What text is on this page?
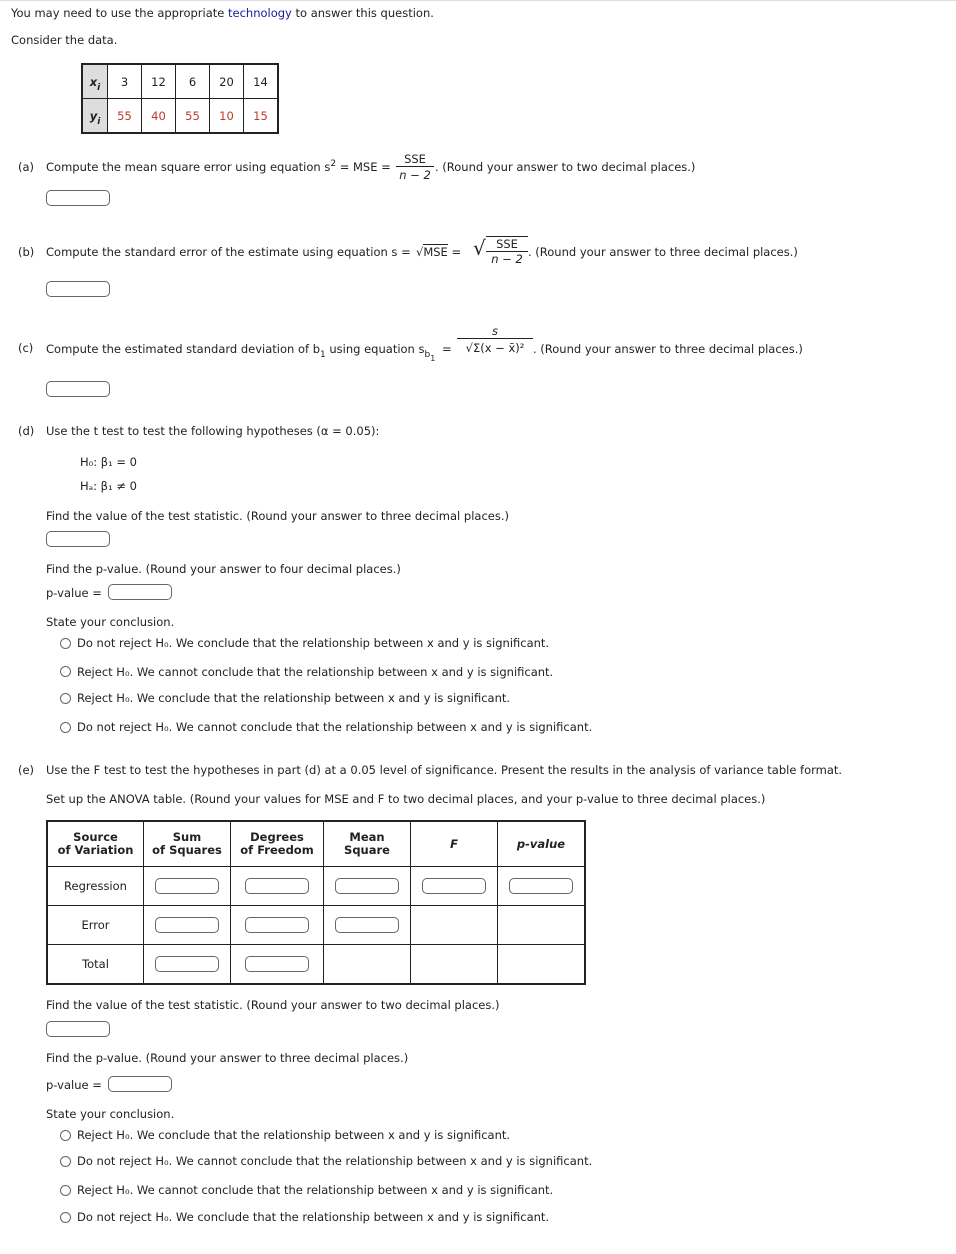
You may need to use the appropriate technology to answer this question.
Consider the data.
$x_i$	3	12	6	20	14
$y_i$	55	40	55	10	15
(a) Compute the mean square error using equation $s^2$ = MSE =
SSE
n − 2
. (Round your answer to two decimal places.)
(b) Compute the standard error of the estimate using equation s = √MSE = √ SSE
n − 2 . (Round your answer to three decimal places.)
(c) Compute the estimated standard deviation of $b_1$ using equation $s_{b1}$
= $\frac{s}{\text{√Σ(x − x̄)²}}$ . (Round your answer to three decimal places.)
(d) Use the t test to test the following hypotheses (α = 0.05):
H₀: β₁ = 0
Hₐ: β₁ ≠ 0
Find the value of the test statistic. (Round your answer to three decimal places.)
Find the p-value. (Round your answer to four decimal places.)
p-value =
State your conclusion.
Do not reject H₀. We conclude that the relationship between x and y is significant.
Reject H₀. We cannot conclude that the relationship between x and y is significant.
Reject H₀. We conclude that the relationship between x and y is significant.
Do not reject H₀. We cannot conclude that the relationship between x and y is significant.
(e) Use the F test to test the hypotheses in part (d) at a 0.05 level of significance. Present the results in the analysis of variance table format.
Set up the ANOVA table. (Round your values for MSE and F to two decimal places, and your p-value to three decimal places.)
Source
of Variation	Sum
of Squares	Degrees
of Freedom	Mean
Square	F	p-value
Regression					
Error					
Total					
Find the value of the test statistic. (Round your answer to two decimal places.)
Find the p-value. (Round your answer to three decimal places.)
p-value =
State your conclusion.
Reject H₀. We conclude that the relationship between x and y is significant.
Do not reject H₀. We cannot conclude that the relationship between x and y is significant.
Reject H₀. We cannot conclude that the relationship between x and y is significant.
Do not reject H₀. We conclude that the relationship between x and y is significant.
